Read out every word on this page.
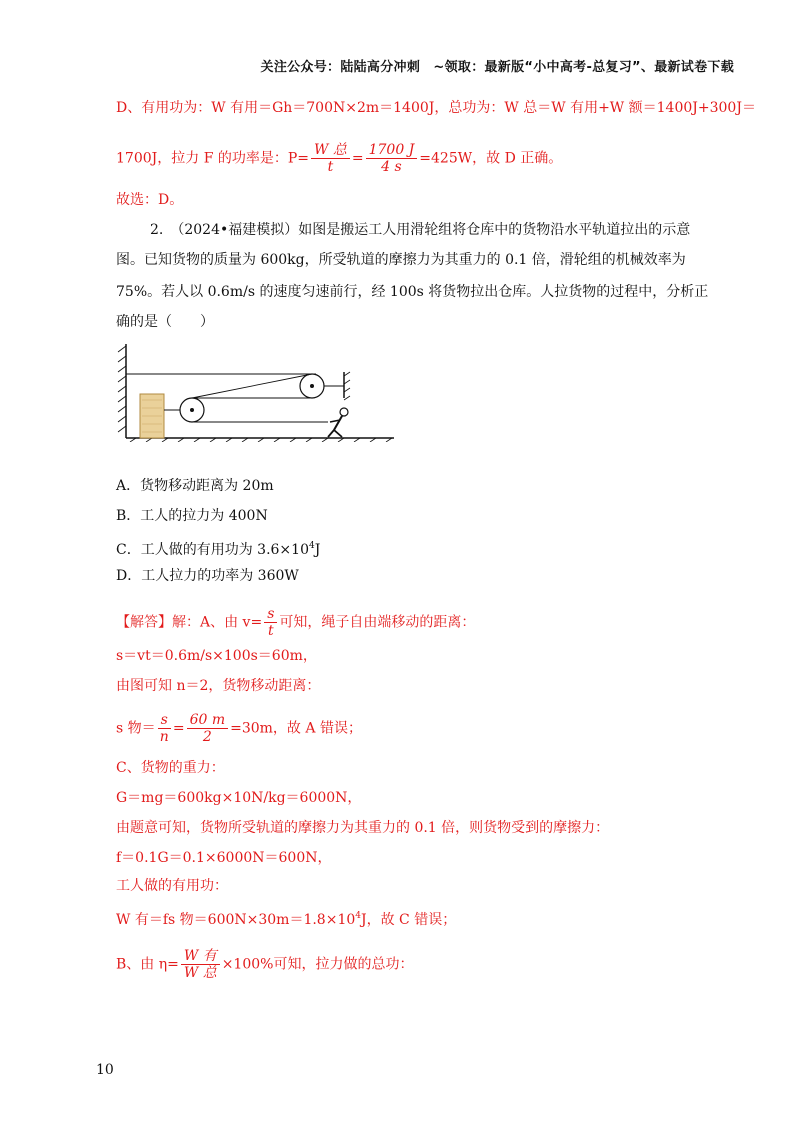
关注公众号：陆陆高分冲刺　~领取：最新版“小中高考-总复习”、最新试卷下载
D、有用功为：W 有用＝Gh＝700N×2m＝1400J，总功为：W 总＝W 有用+W 额＝1400J+300J＝
1700J，拉力 F 的功率是：$P= \frac{\text{W 总}}{t} = \frac{1700 J}{4 s} =425W$，故 D 正确。
故选：D。
2.　（2024•福建模拟）如图是搬运工人用滑轮组将仓库中的货物沿水平轨道拉出的示意
图。已知货物的质量为 600kg，所受轨道的摩擦力为其重力的 0.1 倍，滑轮组的机械效率为
75%。若人以 0.6m/s 的速度匀速前行，经 100s 将货物拉出仓库。人拉货物的过程中，分析正
确的是（　　）
A．货物移动距离为 20m
B．工人的拉力为 400N
C．工人做的有用功为 $3.6\times 10^4J$
D．工人拉力的功率为 360W
【解答】解：A、由 $v= \frac{s}{t}$ 可知，绳子自由端移动的距离：
s＝vt＝0.6m/s×100s＝60m，
由图可知 n＝2，货物移动距离：
s 物＝ $\frac{s}{n} = \frac{60 m}{2} =30m$，故 A 错误；
C、货物的重力：
G＝mg＝600kg×10N/kg＝6000N，
由题意可知，货物所受轨道的摩擦力为其重力的 0.1 倍，则货物受到的摩擦力：
f＝0.1G＝0.1×6000N＝600N，
工人做的有用功：
W 有＝fs 物$=600N\times 30m=1.8\times 10^4J$，故 C 错误；
B、由 $\eta= \frac{\text{W 有}}{\text{W 总}} \times 100\%$可知，拉力做的总功：
10
